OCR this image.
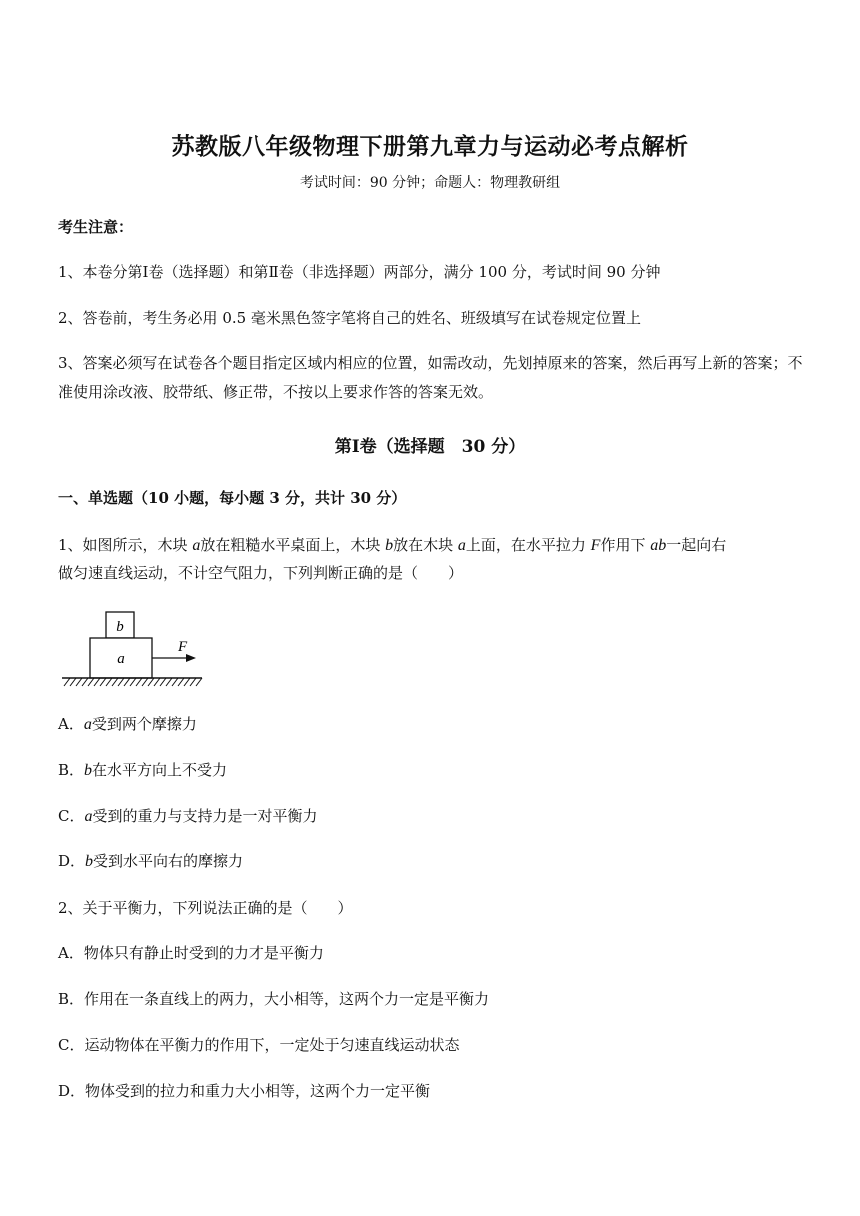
苏教版八年级物理下册第九章力与运动必考点解析
考试时间：90 分钟；命题人：物理教研组
考生注意：
1、本卷分第Ⅰ卷（选择题）和第Ⅱ卷（非选择题）两部分，满分 100 分，考试时间 90 分钟
2、答卷前，考生务必用 0.5 毫米黑色签字笔将自己的姓名、班级填写在试卷规定位置上
3、答案必须写在试卷各个题目指定区域内相应的位置，如需改动，先划掉原来的答案，然后再写上新的答案；不准使用涂改液、胶带纸、修正带，不按以上要求作答的答案无效。
第Ⅰ卷（选择题　30 分）
一、单选题（10 小题，每小题 3 分，共计 30 分）
1、如图所示，木块 a放在粗糙水平桌面上，木块 b放在木块 a上面，在水平拉力 F作用下 ab一起向右
做匀速直线运动，不计空气阻力，下列判断正确的是（　　）
b
a
F
A．a受到两个摩擦力
B．b在水平方向上不受力
C．a受到的重力与支持力是一对平衡力
D．b受到水平向右的摩擦力
2、关于平衡力，下列说法正确的是（　　）
A．物体只有静止时受到的力才是平衡力
B．作用在一条直线上的两力，大小相等，这两个力一定是平衡力
C．运动物体在平衡力的作用下，一定处于匀速直线运动状态
D．物体受到的拉力和重力大小相等，这两个力一定平衡
